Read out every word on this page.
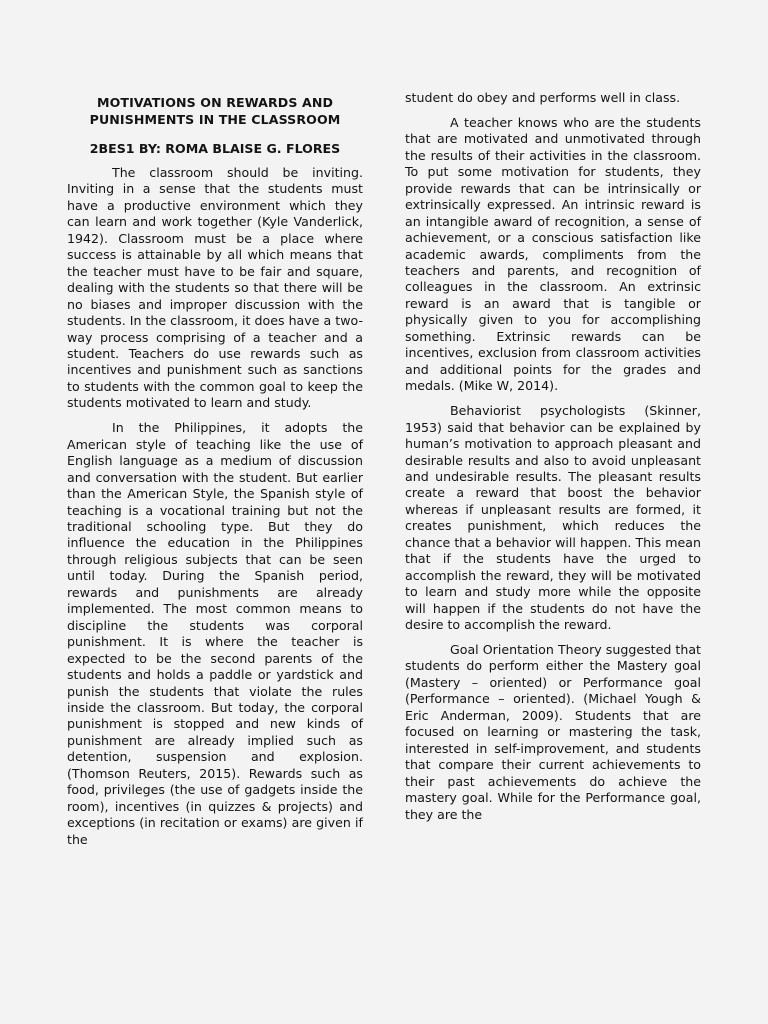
MOTIVATIONS ON REWARDS AND PUNISHMENTS IN THE CLASSROOM
2BES1 BY: ROMA BLAISE G. FLORES

The classroom should be inviting. Inviting in a sense that the students must have a productive environment which they can learn and work together (Kyle Vanderlick, 1942). Classroom must be a place where success is attainable by all which means that the teacher must have to be fair and square, dealing with the students so that there will be no biases and improper discussion with the students. In the classroom, it does have a two-way process comprising of a teacher and a student. Teachers do use rewards such as incentives and punishment such as sanctions to students with the common goal to keep the students motivated to learn and study.

In the Philippines, it adopts the American style of teaching like the use of English language as a medium of discussion and conversation with the student. But earlier than the American Style, the Spanish style of teaching is a vocational training but not the traditional schooling type. But they do influence the education in the Philippines through religious subjects that can be seen until today. During the Spanish period, rewards and punishments are already implemented. The most common means to discipline the students was corporal punishment. It is where the teacher is expected to be the second parents of the students and holds a paddle or yardstick and punish the students that violate the rules inside the classroom. But today, the corporal punishment is stopped and new kinds of punishment are already implied such as detention, suspension and explosion. (Thomson Reuters, 2015). Rewards such as food, privileges (the use of gadgets inside the room), incentives (in quizzes & projects) and exceptions (in recitation or exams) are given if the

student do obey and performs well in class.

A teacher knows who are the students that are motivated and unmotivated through the results of their activities in the classroom. To put some motivation for students, they provide rewards that can be intrinsically or extrinsically expressed. An intrinsic reward is an intangible award of recognition, a sense of achievement, or a conscious satisfaction like academic awards, compliments from the teachers and parents, and recognition of colleagues in the classroom. An extrinsic reward is an award that is tangible or physically given to you for accomplishing something. Extrinsic rewards can be incentives, exclusion from classroom activities and additional points for the grades and medals. (Mike W, 2014).

Behaviorist psychologists (Skinner, 1953) said that behavior can be explained by human’s motivation to approach pleasant and desirable results and also to avoid unpleasant and undesirable results. The pleasant results create a reward that boost the behavior whereas if unpleasant results are formed, it creates punishment, which reduces the chance that a behavior will happen. This mean that if the students have the urged to accomplish the reward, they will be motivated to learn and study more while the opposite will happen if the students do not have the desire to accomplish the reward.

Goal Orientation Theory suggested that students do perform either the Mastery goal (Mastery – oriented) or Performance goal (Performance – oriented). (Michael Yough & Eric Anderman, 2009). Students that are focused on learning or mastering the task, interested in self-improvement, and students that compare their current achievements to their past achievements do achieve the mastery goal. While for the Performance goal, they are the
